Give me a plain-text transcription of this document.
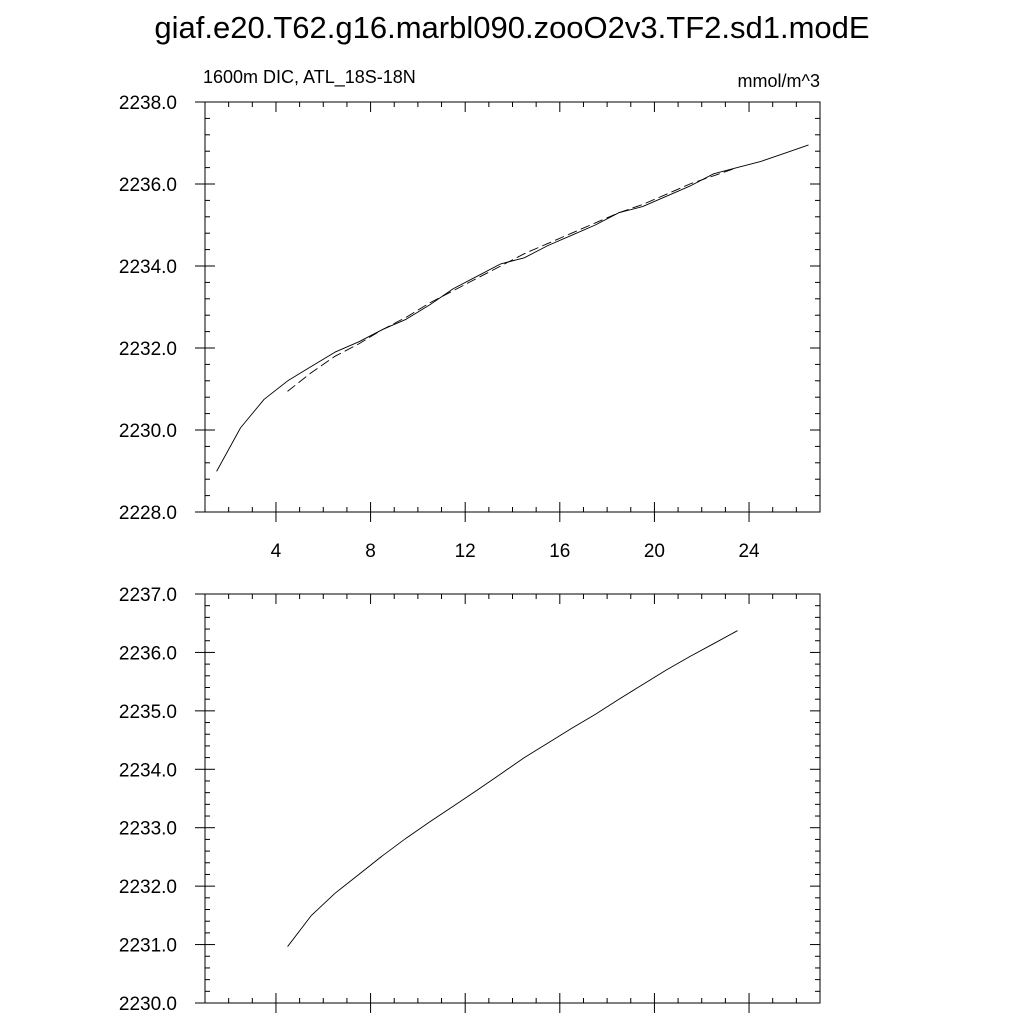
giaf.e20.T62.g16.marbl090.zooO2v3.TF2.sd1.modE
1600m DIC, ATL_18S-18N	mmol/m^3
2228.0
2230.0
2232.0
2234.0
2236.0
2238.0
4	8	12	16	20	24
2230.0
2231.0
2232.0
2233.0
2234.0
2235.0
2236.0
2237.0
